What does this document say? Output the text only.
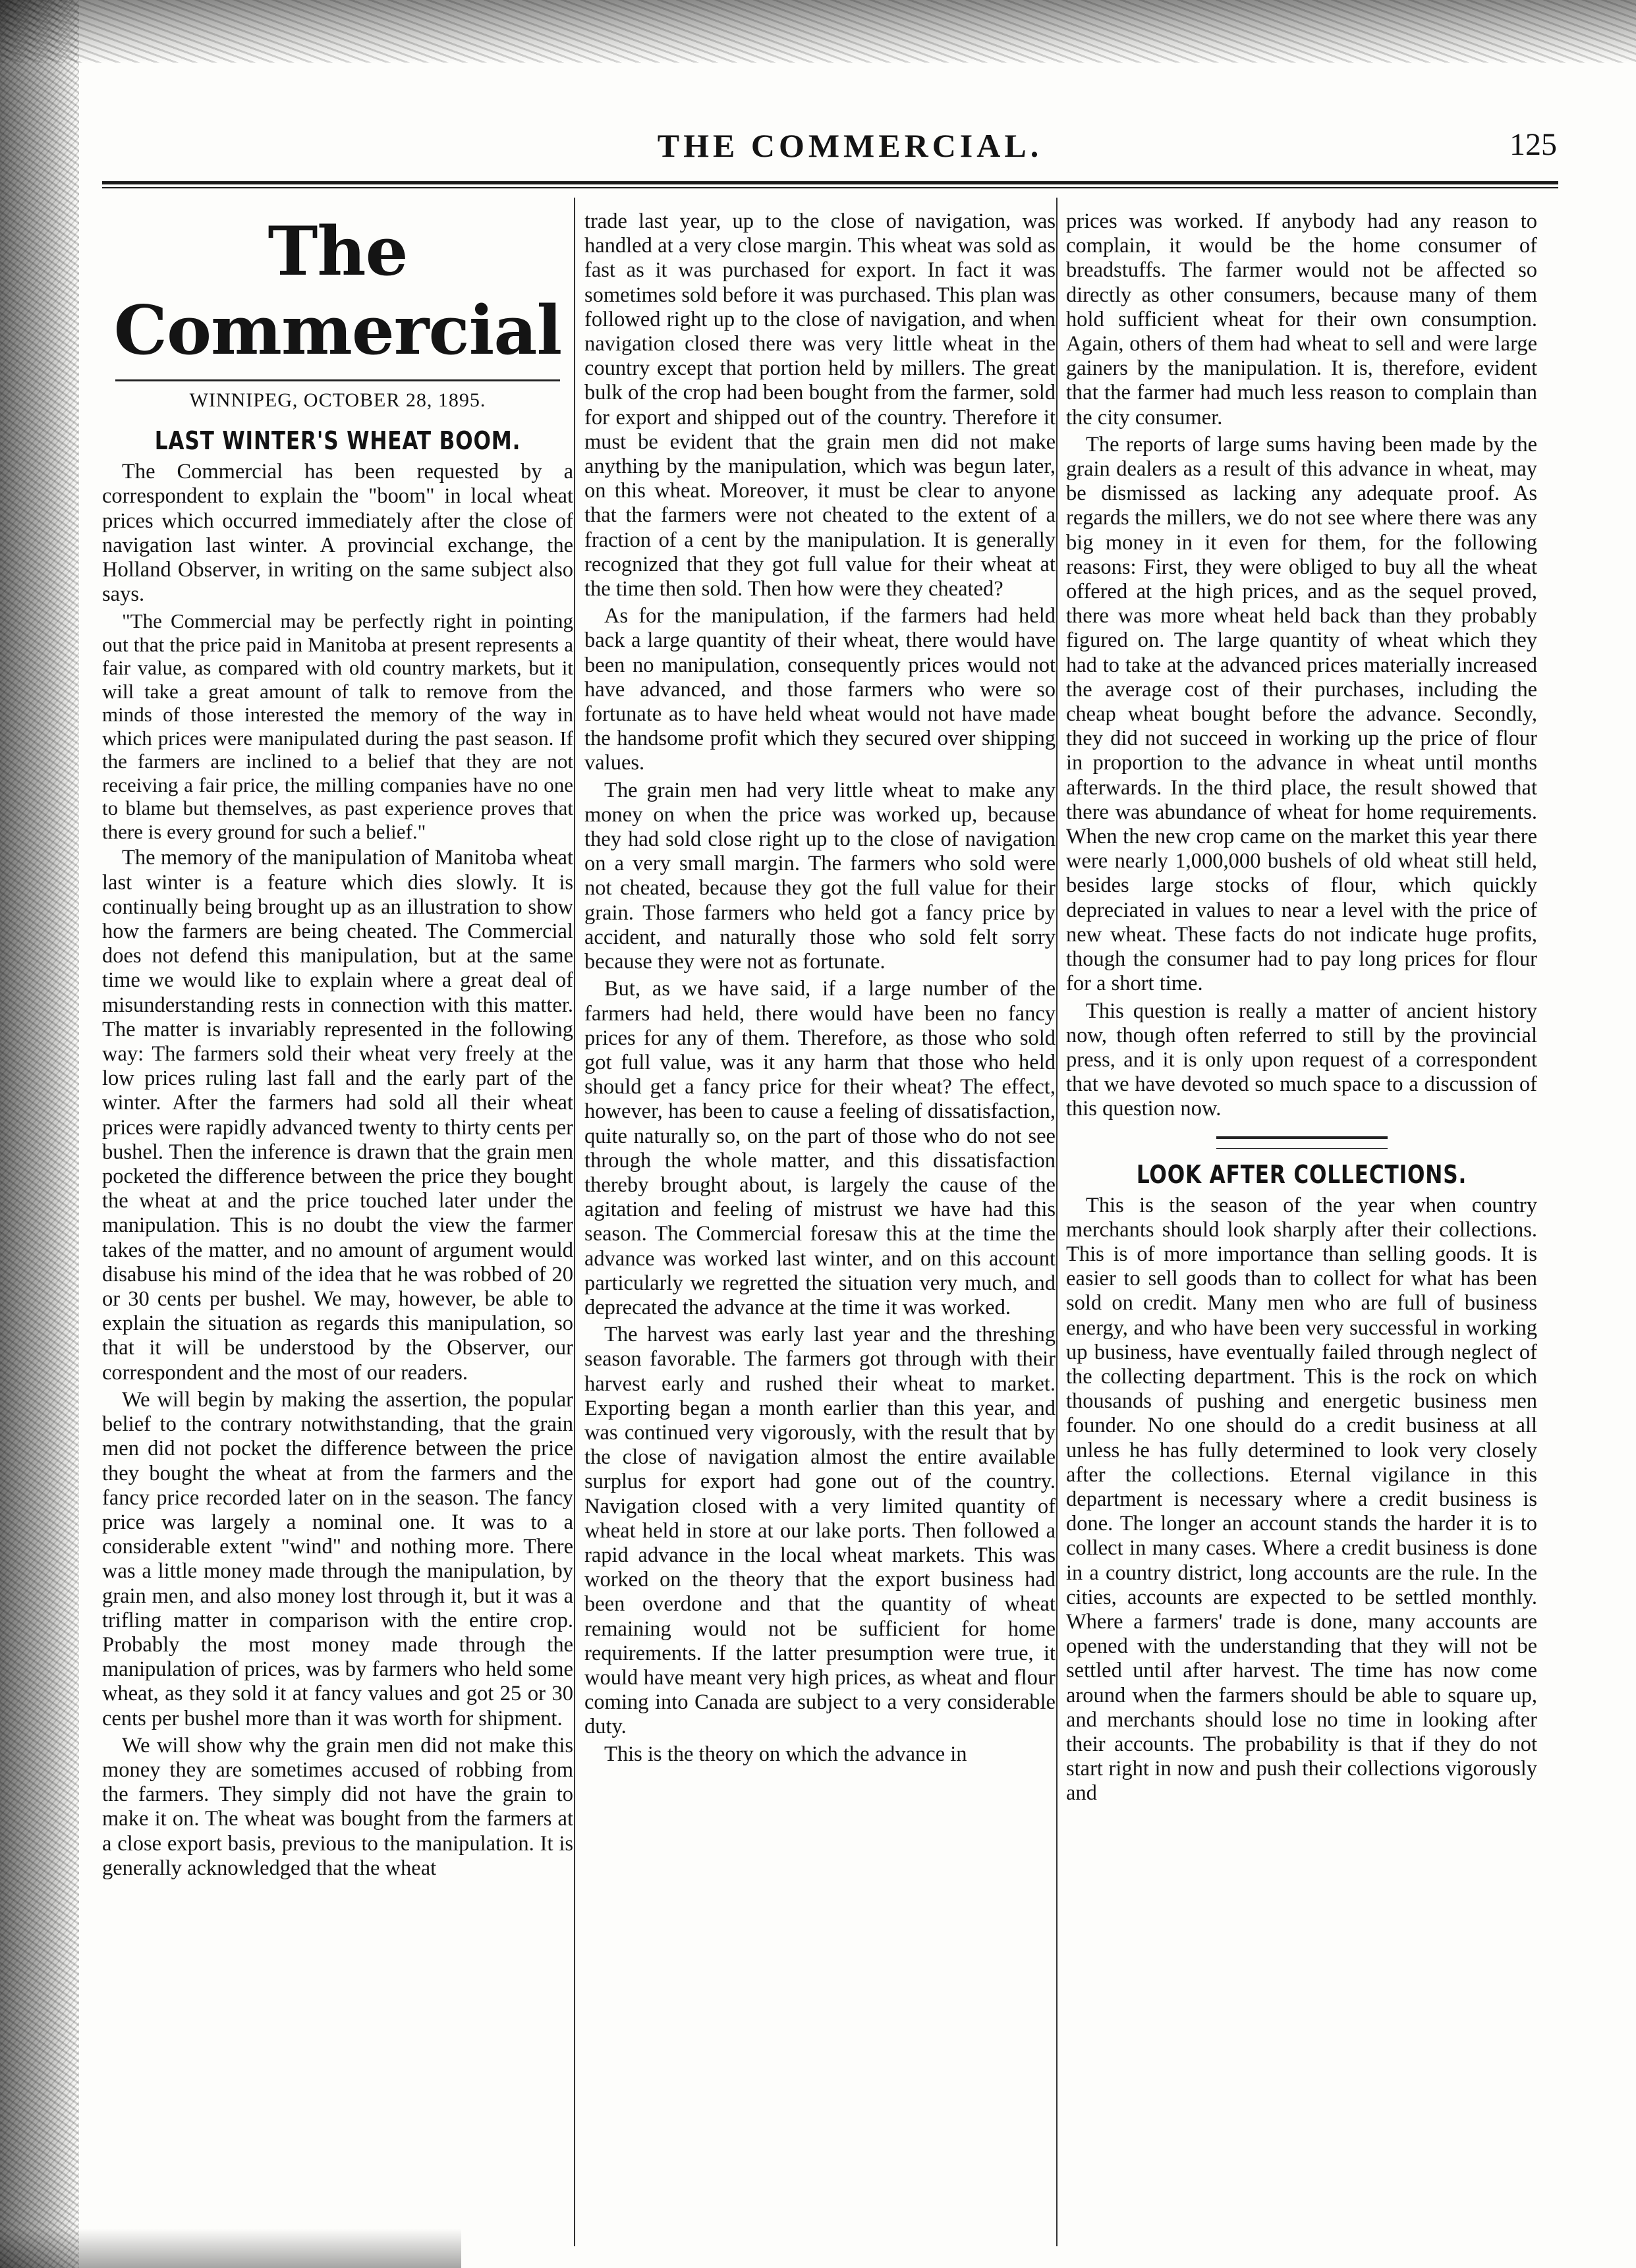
THE COMMERCIAL.	125
The Commercial
WINNIPEG, OCTOBER 28, 1895.
LAST WINTER'S WHEAT BOOM.

The Commercial has been requested by a correspondent to explain the "boom" in local wheat prices which occurred immediately after the close of navigation last winter. A provincial exchange, the Holland Observer, in writing on the same subject also says.

"The Commercial may be perfectly right in pointing out that the price paid in Manitoba at present represents a fair value, as compared with old country markets, but it will take a great amount of talk to remove from the minds of those interested the memory of the way in which prices were manipulated during the past season. If the farmers are inclined to a belief that they are not receiving a fair price, the milling companies have no one to blame but themselves, as past experience proves that there is every ground for such a belief."

The memory of the manipulation of Manitoba wheat last winter is a feature which dies slowly. It is continually being brought up as an illustration to show how the farmers are being cheated. The Commercial does not defend this manipulation, but at the same time we would like to explain where a great deal of misunderstanding rests in connection with this matter. The matter is invariably represented in the following way: The farmers sold their wheat very freely at the low prices ruling last fall and the early part of the winter. After the farmers had sold all their wheat prices were rapidly advanced twenty to thirty cents per bushel. Then the inference is drawn that the grain men pocketed the difference between the price they bought the wheat at and the price touched later under the manipulation. This is no doubt the view the farmer takes of the matter, and no amount of argument would disabuse his mind of the idea that he was robbed of 20 or 30 cents per bushel. We may, however, be able to explain the situation as regards this manipulation, so that it will be understood by the Observer, our correspondent and the most of our readers.

We will begin by making the assertion, the popular belief to the contrary notwithstanding, that the grain men did not pocket the difference between the price they bought the wheat at from the farmers and the fancy price recorded later on in the season. The fancy price was largely a nominal one. It was to a considerable extent "wind" and nothing more. There was a little money made through the manipulation, by grain men, and also money lost through it, but it was a trifling matter in comparison with the entire crop. Probably the most money made through the manipulation of prices, was by farmers who held some wheat, as they sold it at fancy values and got 25 or 30 cents per bushel more than it was worth for shipment.

We will show why the grain men did not make this money they are sometimes accused of robbing from the farmers. They simply did not have the grain to make it on. The wheat was bought from the farmers at a close export basis, previous to the manipulation. It is generally acknowledged that the wheat

trade last year, up to the close of navigation, was handled at a very close margin. This wheat was sold as fast as it was purchased for export. In fact it was sometimes sold before it was purchased. This plan was followed right up to the close of navigation, and when navigation closed there was very little wheat in the country except that portion held by millers. The great bulk of the crop had been bought from the farmer, sold for export and shipped out of the country. Therefore it must be evident that the grain men did not make anything by the manipulation, which was begun later, on this wheat. Moreover, it must be clear to anyone that the farmers were not cheated to the extent of a fraction of a cent by the manipulation. It is generally recognized that they got full value for their wheat at the time then sold. Then how were they cheated?

As for the manipulation, if the farmers had held back a large quantity of their wheat, there would have been no manipulation, consequently prices would not have advanced, and those farmers who were so fortunate as to have held wheat would not have made the handsome profit which they secured over shipping values.

The grain men had very little wheat to make any money on when the price was worked up, because they had sold close right up to the close of navigation on a very small margin. The farmers who sold were not cheated, because they got the full value for their grain. Those farmers who held got a fancy price by accident, and naturally those who sold felt sorry because they were not as fortunate.

But, as we have said, if a large number of the farmers had held, there would have been no fancy prices for any of them. Therefore, as those who sold got full value, was it any harm that those who held should get a fancy price for their wheat? The effect, however, has been to cause a feeling of dissatisfaction, quite naturally so, on the part of those who do not see through the whole matter, and this dissatisfaction thereby brought about, is largely the cause of the agitation and feeling of mistrust we have had this season. The Commercial foresaw this at the time the advance was worked last winter, and on this account particularly we regretted the situation very much, and deprecated the advance at the time it was worked.

The harvest was early last year and the threshing season favorable. The farmers got through with their harvest early and rushed their wheat to market. Exporting began a month earlier than this year, and was continued very vigorously, with the result that by the close of navigation almost the entire available surplus for export had gone out of the country. Navigation closed with a very limited quantity of wheat held in store at our lake ports. Then followed a rapid advance in the local wheat markets. This was worked on the theory that the export business had been overdone and that the quantity of wheat remaining would not be sufficient for home requirements. If the latter presumption were true, it would have meant very high prices, as wheat and flour coming into Canada are subject to a very considerable duty.

This is the theory on which the advance in

prices was worked. If anybody had any reason to complain, it would be the home consumer of breadstuffs. The farmer would not be affected so directly as other consumers, because many of them hold sufficient wheat for their own consumption. Again, others of them had wheat to sell and were large gainers by the manipulation. It is, therefore, evident that the farmer had much less reason to complain than the city consumer.

The reports of large sums having been made by the grain dealers as a result of this advance in wheat, may be dismissed as lacking any adequate proof. As regards the millers, we do not see where there was any big money in it even for them, for the following reasons: First, they were obliged to buy all the wheat offered at the high prices, and as the sequel proved, there was more wheat held back than they probably figured on. The large quantity of wheat which they had to take at the advanced prices materially increased the average cost of their purchases, including the cheap wheat bought before the advance. Secondly, they did not succeed in working up the price of flour in proportion to the advance in wheat until months afterwards. In the third place, the result showed that there was abundance of wheat for home requirements. When the new crop came on the market this year there were nearly 1,000,000 bushels of old wheat still held, besides large stocks of flour, which quickly depreciated in values to near a level with the price of new wheat. These facts do not indicate huge profits, though the consumer had to pay long prices for flour for a short time.

This question is really a matter of ancient history now, though often referred to still by the provincial press, and it is only upon request of a correspondent that we have devoted so much space to a discussion of this question now.

LOOK AFTER COLLECTIONS.

This is the season of the year when country merchants should look sharply after their collections. This is of more importance than selling goods. It is easier to sell goods than to collect for what has been sold on credit. Many men who are full of business energy, and who have been very successful in working up business, have eventually failed through neglect of the collecting department. This is the rock on which thousands of pushing and energetic business men founder. No one should do a credit business at all unless he has fully determined to look very closely after the collections. Eternal vigilance in this department is necessary where a credit business is done. The longer an account stands the harder it is to collect in many cases. Where a credit business is done in a country district, long accounts are the rule. In the cities, accounts are expected to be settled monthly. Where a farmers' trade is done, many accounts are opened with the understanding that they will not be settled until after harvest. The time has now come around when the farmers should be able to square up, and merchants should lose no time in looking after their accounts. The probability is that if they do not start right in now and push their collections vigorously and
